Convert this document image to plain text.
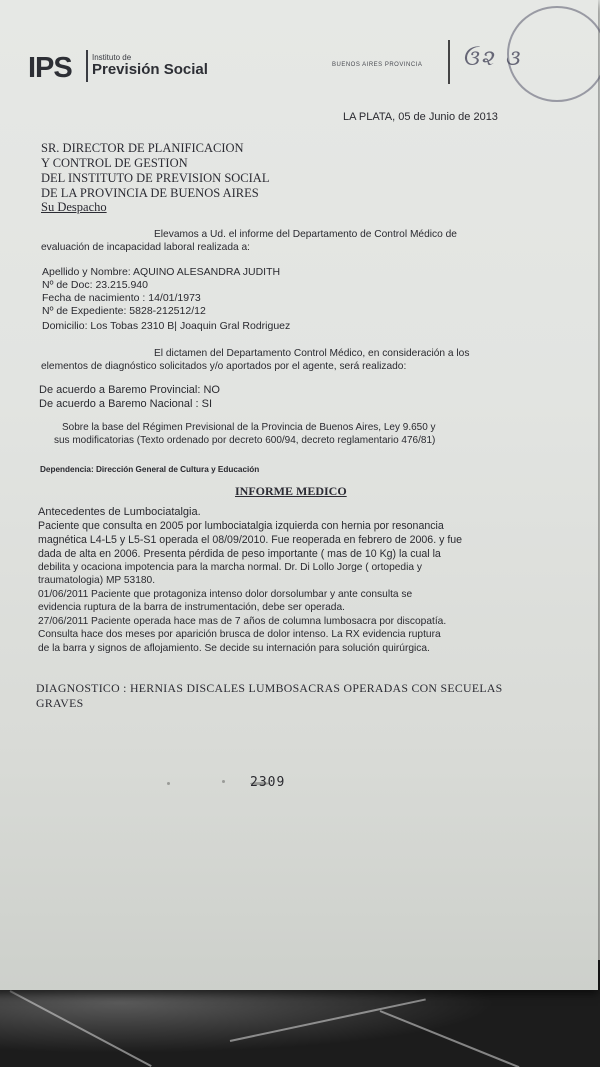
IPS	Instituto de
Previsión Social	BUENOS AIRES PROVINCIA ઉ૨ ૩
LA PLATA, 05 de Junio de 2013
SR. DIRECTOR DE PLANIFICACION
Y CONTROL DE GESTION
DEL INSTITUTO DE PREVISION SOCIAL
DE LA PROVINCIA DE BUENOS AIRES
Su Despacho
Elevamos a Ud. el informe del Departamento de Control Médico de
evaluación de incapacidad laboral realizada a:
Apellido y Nombre: AQUINO ALESANDRA JUDITH
Nº de Doc: 23.215.940
Fecha de nacimiento : 14/01/1973
Nº de Expediente: 5828-212512/12
Domicilio: Los Tobas 2310 B| Joaquin Gral Rodriguez
El dictamen del Departamento Control Médico, en consideración a los
elementos de diagnóstico solicitados y/o aportados por el agente, será realizado:
De acuerdo a Baremo Provincial: NO
De acuerdo a Baremo Nacional : SI
Sobre la base del Régimen Previsional de la Provincia de Buenos Aires, Ley 9.650 y
sus modificatorias (Texto ordenado por decreto 600/94, decreto reglamentario 476/81)
Dependencia: Dirección General de Cultura y Educación
INFORME MEDICO
Antecedentes de Lumbociatalgia.
Paciente que consulta en 2005 por lumbociatalgia izquierda con hernia por resonancia
magnética L4-L5 y L5-S1 operada el 08/09/2010. Fue reoperada en febrero de 2006. y fue
dada de alta en 2006. Presenta pérdida de peso importante ( mas de 10 Kg) la cual la
debilita y ocaciona impotencia para la marcha normal. Dr. Di Lollo Jorge ( ortopedia y
traumatologia) MP 53180.
01/06/2011 Paciente que protagoniza intenso dolor dorsolumbar y ante consulta se
evidencia ruptura de la barra de instrumentación, debe ser operada.
27/06/2011 Paciente operada hace mas de 7 años de columna lumbosacra por discopatía.
Consulta hace dos meses por aparición brusca de dolor intenso. La RX evidencia ruptura
de la barra y signos de aflojamiento. Se decide su internación para solución quirúrgica.
DIAGNOSTICO : HERNIAS DISCALES LUMBOSACRAS OPERADAS CON SECUELAS
GRAVES
2309
